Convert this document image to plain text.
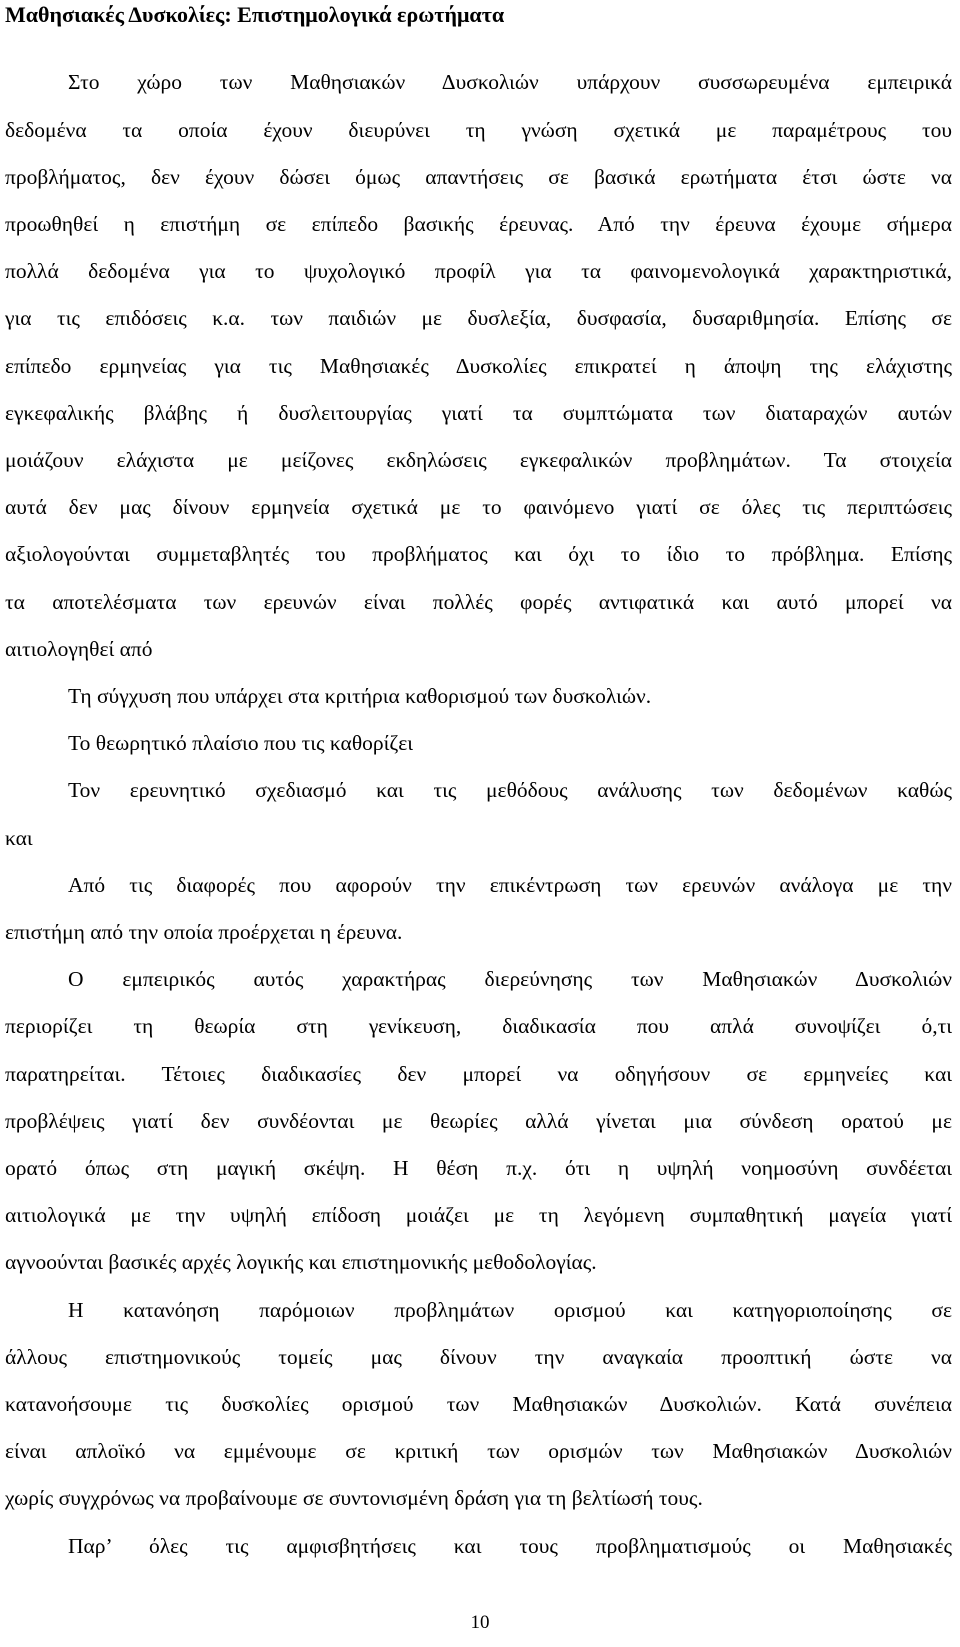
Μαθησιακές Δυσκολίες: Επιστημολογικά ερωτήματα
Στο χώρο των Μαθησιακών Δυσκολιών υπάρχουν συσσωρευμένα εμπειρικά
δεδομένα τα οποία έχουν διευρύνει τη γνώση σχετικά με παραμέτρους του
προβλήματος, δεν έχουν δώσει όμως απαντήσεις σε βασικά ερωτήματα έτσι ώστε να
προωθηθεί η επιστήμη σε επίπεδο βασικής έρευνας. Από την έρευνα έχουμε σήμερα
πολλά δεδομένα για το ψυχολογικό προφίλ για τα φαινομενολογικά χαρακτηριστικά,
για τις επιδόσεις κ.α. των παιδιών με δυσλεξία, δυσφασία, δυσαριθμησία. Επίσης σε
επίπεδο ερμηνείας για τις Μαθησιακές Δυσκολίες επικρατεί η άποψη της ελάχιστης
εγκεφαλικής βλάβης ή δυσλειτουργίας γιατί τα συμπτώματα των διαταραχών αυτών
μοιάζουν ελάχιστα με μείζονες εκδηλώσεις εγκεφαλικών προβλημάτων. Τα στοιχεία
αυτά δεν μας δίνουν ερμηνεία σχετικά με το φαινόμενο γιατί σε όλες τις περιπτώσεις
αξιολογούνται συμμεταβλητές του προβλήματος και όχι το ίδιο το πρόβλημα. Επίσης
τα αποτελέσματα των ερευνών είναι πολλές φορές αντιφατικά και αυτό μπορεί να
αιτιολογηθεί από
Τη σύγχυση που υπάρχει στα κριτήρια καθορισμού των δυσκολιών.
Το θεωρητικό πλαίσιο που τις καθορίζει
Τον ερευνητικό σχεδιασμό και τις μεθόδους ανάλυσης των δεδομένων καθώς
και
Από τις διαφορές που αφορούν την επικέντρωση των ερευνών ανάλογα με την
επιστήμη από την οποία προέρχεται η έρευνα.
Ο εμπειρικός αυτός χαρακτήρας διερεύνησης των Μαθησιακών Δυσκολιών
περιορίζει τη θεωρία στη γενίκευση, διαδικασία που απλά συνοψίζει ό,τι
παρατηρείται. Τέτοιες διαδικασίες δεν μπορεί να οδηγήσουν σε ερμηνείες και
προβλέψεις γιατί δεν συνδέονται με θεωρίες αλλά γίνεται μια σύνδεση ορατού με
ορατό όπως στη μαγική σκέψη. Η θέση π.χ. ότι η υψηλή νοημοσύνη συνδέεται
αιτιολογικά με την υψηλή επίδοση μοιάζει με τη λεγόμενη συμπαθητική μαγεία γιατί
αγνοούνται βασικές αρχές λογικής και επιστημονικής μεθοδολογίας.
Η κατανόηση παρόμοιων προβλημάτων ορισμού και κατηγοριοποίησης σε
άλλους επιστημονικούς τομείς μας δίνουν την αναγκαία προοπτική ώστε να
κατανοήσουμε τις δυσκολίες ορισμού των Μαθησιακών Δυσκολιών. Κατά συνέπεια
είναι απλοϊκό να εμμένουμε σε κριτική των ορισμών των Μαθησιακών Δυσκολιών
χωρίς συγχρόνως να προβαίνουμε σε συντονισμένη δράση για τη βελτίωσή τους.
Παρ’ όλες τις αμφισβητήσεις και τους προβληματισμούς οι Μαθησιακές
10
